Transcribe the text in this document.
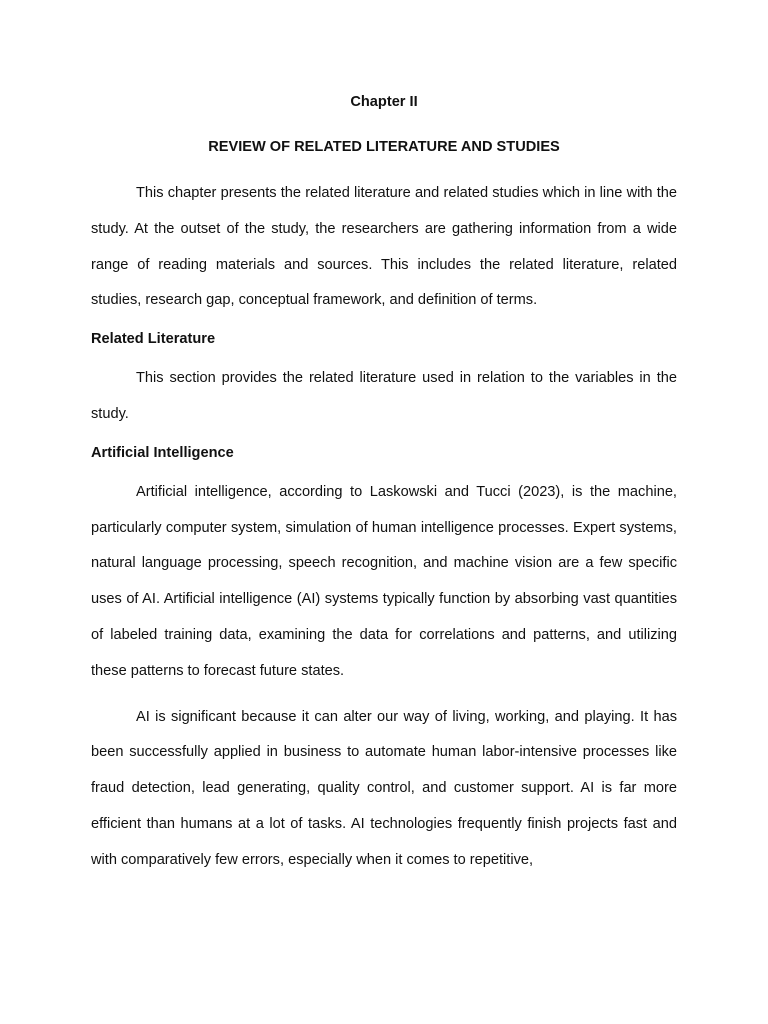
Chapter II
REVIEW OF RELATED LITERATURE AND STUDIES

This chapter presents the related literature and related studies which in line with the study. At the outset of the study, the researchers are gathering information from a wide range of reading materials and sources. This includes the related literature, related studies, research gap, conceptual framework, and definition of terms.

Related Literature

This section provides the related literature used in relation to the variables in the study.

Artificial Intelligence

Artificial intelligence, according to Laskowski and Tucci (2023), is the machine, particularly computer system, simulation of human intelligence processes. Expert systems, natural language processing, speech recognition, and machine vision are a few specific uses of AI. Artificial intelligence (AI) systems typically function by absorbing vast quantities of labeled training data, examining the data for correlations and patterns, and utilizing these patterns to forecast future states.

AI is significant because it can alter our way of living, working, and playing. It has been successfully applied in business to automate human labor-intensive processes like fraud detection, lead generating, quality control, and customer support. AI is far more efficient than humans at a lot of tasks. AI technologies frequently finish projects fast and with comparatively few errors, especially when it comes to repetitive,
